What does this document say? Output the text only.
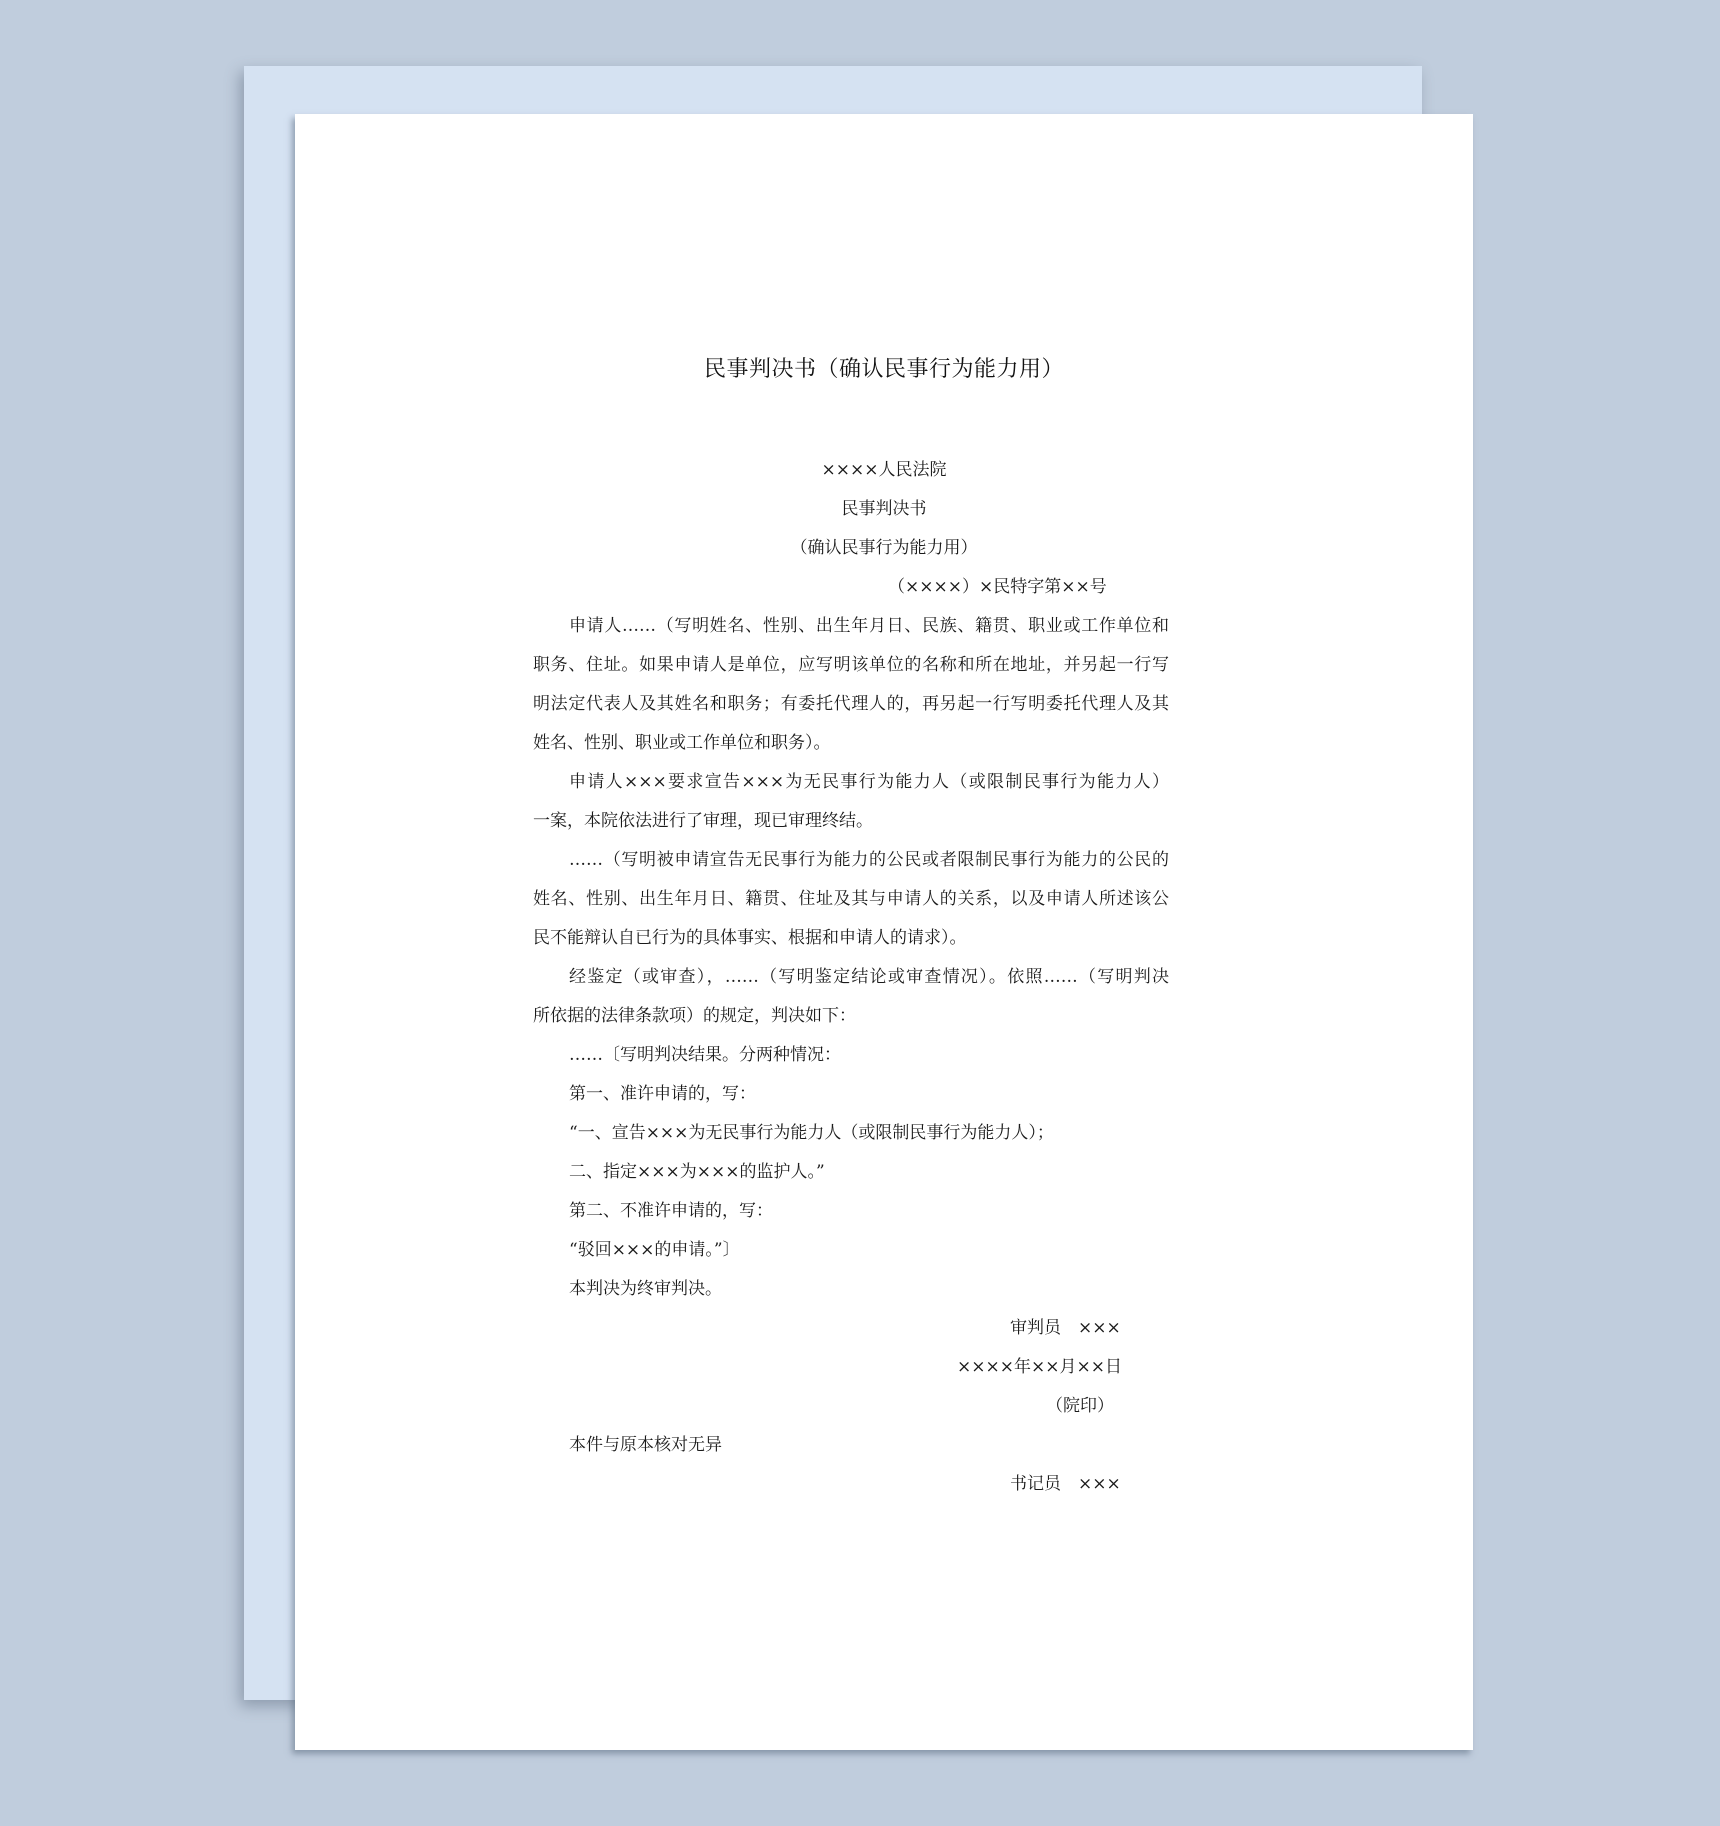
民事判决书（确认民事行为能力用）
××××人民法院
民事判决书
（确认民事行为能力用）
（××××）×民特字第××号
申请人……（写明姓名、性别、出生年月日、民族、籍贯、职业或工作单位和
职务、住址。如果申请人是单位，应写明该单位的名称和所在地址，并另起一行写
明法定代表人及其姓名和职务；有委托代理人的，再另起一行写明委托代理人及其
姓名、性别、职业或工作单位和职务）。
申请人×××要求宣告×××为无民事行为能力人（或限制民事行为能力人）
一案，本院依法进行了审理，现已审理终结。
……（写明被申请宣告无民事行为能力的公民或者限制民事行为能力的公民的
姓名、性别、出生年月日、籍贯、住址及其与申请人的关系，以及申请人所述该公
民不能辩认自已行为的具体事实、根据和申请人的请求）。
经鉴定（或审查），……（写明鉴定结论或审查情况）。依照……（写明判决
所依据的法律条款项）的规定，判决如下：
……〔写明判决结果。分两种情况：
第一、准许申请的，写：
“一、宣告×××为无民事行为能力人（或限制民事行为能力人）；
二、指定×××为×××的监护人。”
第二、不准许申请的，写：
“驳回×××的申请。”〕
本判决为终审判决。
审判员　×××
××××年××月××日
（院印）
本件与原本核对无异
书记员　×××
